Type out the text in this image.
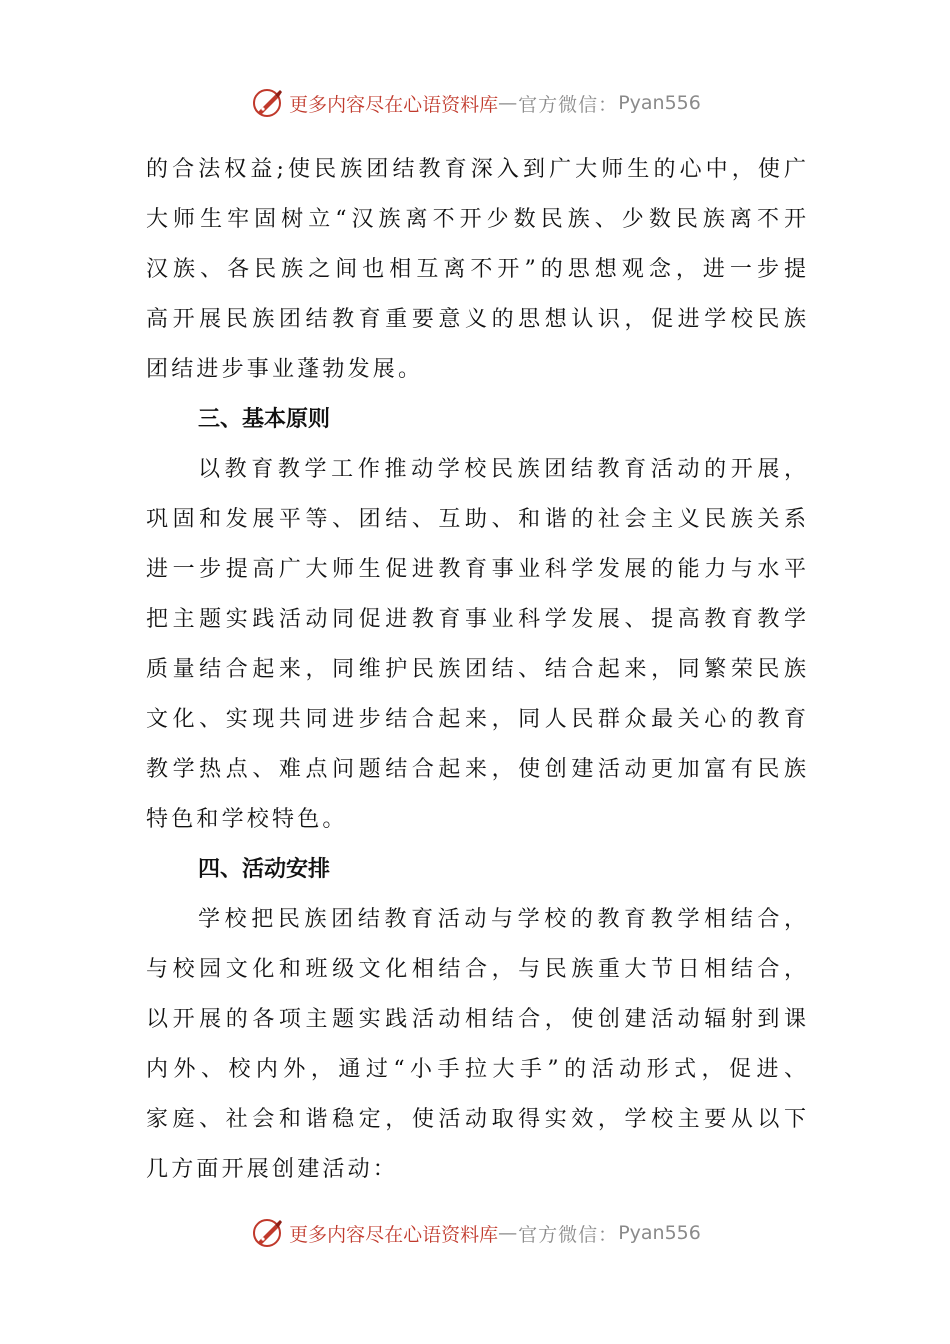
更多内容尽在心语资料库 — 官方微信： Pyan556
的合法权益;使民族团结教育深入到广大师生的心中，使广
大师生牢固树立“汉族离不开少数民族、少数民族离不开
汉族、各民族之间也相互离不开”的思想观念，进一步提
高开展民族团结教育重要意义的思想认识，促进学校民族
团结进步事业蓬勃发展。
三、基本原则
以教育教学工作推动学校民族团结教育活动的开展，
巩固和发展平等、团结、互助、和谐的社会主义民族关系
进一步提高广大师生促进教育事业科学发展的能力与水平
把主题实践活动同促进教育事业科学发展、提高教育教学
质量结合起来，同维护民族团结、结合起来，同繁荣民族
文化、实现共同进步结合起来，同人民群众最关心的教育
教学热点、难点问题结合起来，使创建活动更加富有民族
特色和学校特色。
四、活动安排
学校把民族团结教育活动与学校的教育教学相结合，
与校园文化和班级文化相结合，与民族重大节日相结合，
以开展的各项主题实践活动相结合，使创建活动辐射到课
内外、校内外，通过“小手拉大手”的活动形式，促进、
家庭、社会和谐稳定，使活动取得实效，学校主要从以下
几方面开展创建活动：
更多内容尽在心语资料库 — 官方微信： Pyan556
